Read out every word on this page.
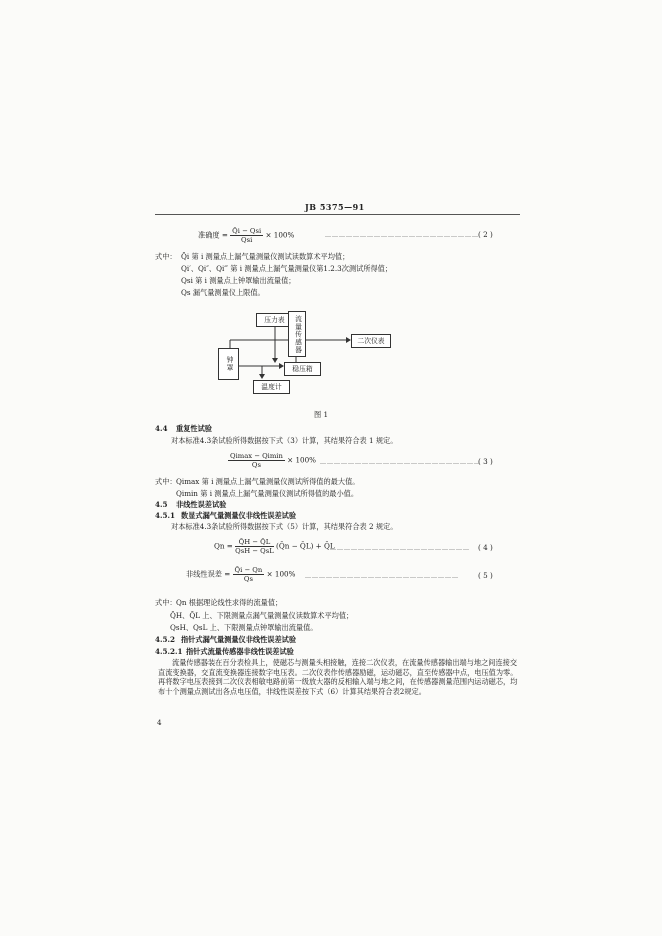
JB 5375—91
准确度 = $\frac{\text{Q̄i − Qsi}}{\text{Qsi}} \times 100\%$	………………………………………………………… ( 2 )
式中： Q̄i 第 i 测量点上漏气量测量仪测试读数算术平均值；
Qi′、Qi″、Qi‴ 第 i 测量点上漏气量测量仪第1.2.3次测试所得值；
Qsi 第 i 测量点上钟罩输出流量值；
Qs 漏气量测量仪上限值。
压力表 流量传感器	二次仪表
钟罩	稳压箱
温度计
图 1
4.4 重复性试验
对本标准4.3条试验所得数据按下式（3）计算，其结果符合表 1 规定。
$\frac{Qimax - Qimin}{Qs} \times 100\%$ ……………………………………………………………
( 3 )
式中： Qimax 第 i 测量点上漏气量测量仪测试所得值的最大值。
Qimin 第 i 测量点上漏气量测量仪测试所得值的最小值。
4.5 非线性误差试验
4.5.1 数显式漏气量测量仪非线性误差试验
对本标准4.3条试验所得数据按下式（5）计算，其结果符合表 2 规定。
$Qn = \frac{Q̄H - Q̄L}{\text{QsH − QsL}}$ (Q̄n − Q̄L) + Q̄L
…………………………………………………… ( 4 )
非线性误差 = $\frac{Q̄i - Qn}{Qs} \times 100\%$ …………………………………………………………	( 5 )
式中： Qn 根据理论线性求得的流量值；
Q̄H、Q̄L 上、下限测量点漏气量测量仪读数算术平均值；
QsH、QsL 上、下限测量点钟罩输出流量值。
4.5.2 指针式漏气量测量仪非线性误差试验
4.5.2.1 指针式流量传感器非线性误差试验
流量传感器装在百分表检具上，使磁芯与测量头相接触，连接二次仪表，在流量传感器输出端与地之间连接交直流变换器，交直流变换器连接数字电压表。二次仪表作传感器励磁，运动磁芯，直至传感器中点，电压值为零。再将数字电压表接到二次仪表相敏电路前第一级放大器的反相输入端与地之间，在传感器测量范围内运动磁芯，均布十个测量点测试出各点电压值，非线性误差按下式（6）计算其结果符合表2规定。
4
